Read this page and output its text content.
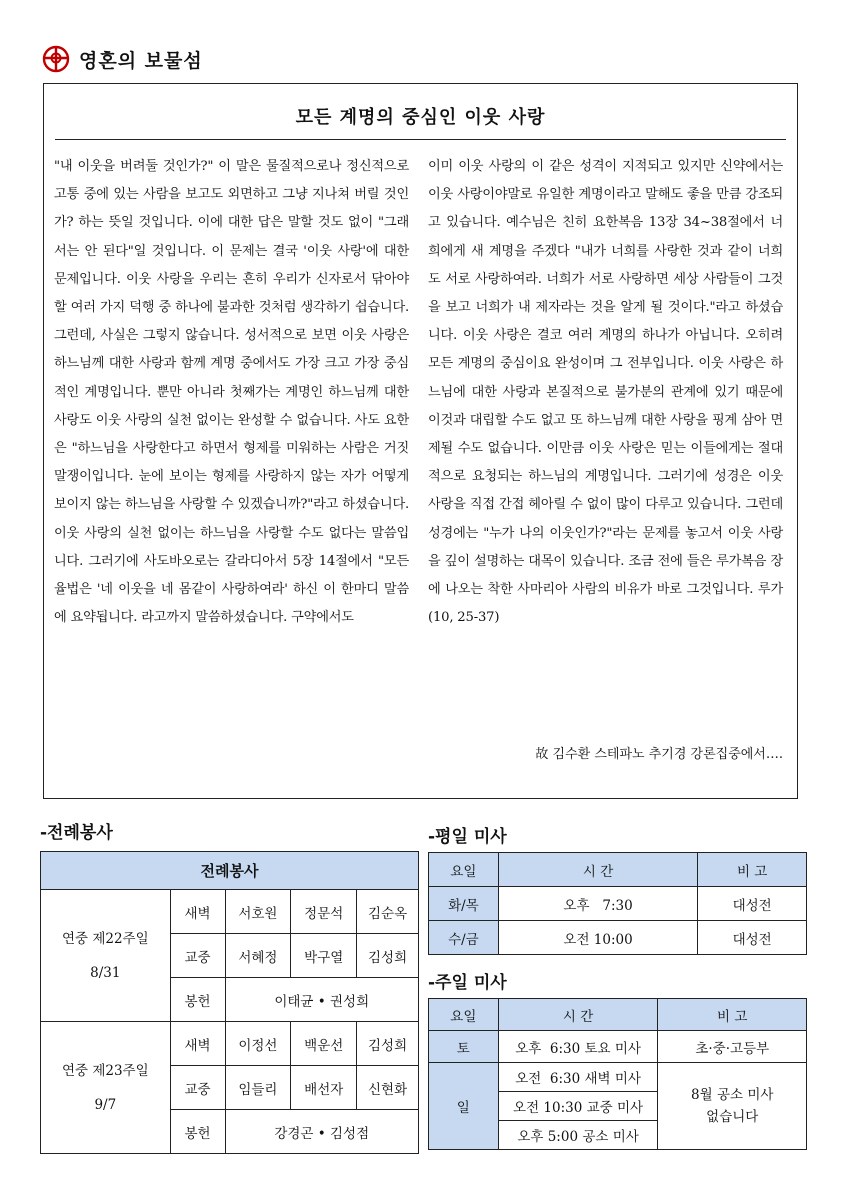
영혼의 보물섬
모든 계명의 중심인 이웃 사랑
"내 이웃을 버려둘 것인가?" 이 말은 물질적으로나 정신적으로 고통 중에 있는 사람을 보고도 외면하고 그냥 지나쳐 버릴 것인가? 하는 뜻일 것입니다. 이에 대한 답은 말할 것도 없이 "그래서는 안 된다"일 것입니다. 이 문제는 결국 '이웃 사랑'에 대한 문제입니다. 이웃 사랑을 우리는 흔히 우리가 신자로서 닦아야 할 여러 가지 덕행 중 하나에 불과한 것처럼 생각하기 쉽습니다. 그런데, 사실은 그렇지 않습니다. 성서적으로 보면 이웃 사랑은 하느님께 대한 사랑과 함께 계명 중에서도 가장 크고 가장 중심적인 계명입니다. 뿐만 아니라 첫째가는 계명인 하느님께 대한 사랑도 이웃 사랑의 실천 없이는 완성할 수 없습니다. 사도 요한은 "하느님을 사랑한다고 하면서 형제를 미워하는 사람은 거짓말쟁이입니다. 눈에 보이는 형제를 사랑하지 않는 자가 어떻게 보이지 않는 하느님을 사랑할 수 있겠습니까?"라고 하셨습니다. 이웃 사랑의 실천 없이는 하느님을 사랑할 수도 없다는 말씀입니다. 그러기에 사도바오로는 갈라디아서 5장 14절에서 "모든 율법은 '네 이웃을 네 몸같이 사랑하여라' 하신 이 한마디 말씀에 요약됩니다. 라고까지 말씀하셨습니다. 구약에서도
이미 이웃 사랑의 이 같은 성격이 지적되고 있지만 신약에서는 이웃 사랑이야말로 유일한 계명이라고 말해도 좋을 만큼 강조되고 있습니다. 예수님은 친히 요한복음 13장 34~38절에서 너희에게 새 계명을 주겠다 "내가 너희를 사랑한 것과 같이 너희도 서로 사랑하여라. 너희가 서로 사랑하면 세상 사람들이 그것을 보고 너희가 내 제자라는 것을 알게 될 것이다."라고 하셨습니다. 이웃 사랑은 결코 여러 계명의 하나가 아닙니다. 오히려 모든 계명의 중심이요 완성이며 그 전부입니다. 이웃 사랑은 하느님에 대한 사랑과 본질적으로 불가분의 관계에 있기 때문에 이것과 대립할 수도 없고 또 하느님께 대한 사랑을 핑계 삼아 면제될 수도 없습니다. 이만큼 이웃 사랑은 믿는 이들에게는 절대적으로 요청되는 하느님의 계명입니다. 그러기에 성경은 이웃 사랑을 직접 간접 헤아릴 수 없이 많이 다루고 있습니다. 그런데 성경에는 "누가 나의 이웃인가?"라는 문제를 놓고서 이웃 사랑을 깊이 설명하는 대목이 있습니다. 조금 전에 들은 루가복음 장에 나오는 착한 사마리아 사람의 비유가 바로 그것입니다. 루가(10, 25-37)
故 김수환 스테파노 추기경 강론집중에서….
-전례봉사	-평일 미사
-주일 미사
전례봉사				

연중 제22주일
8/31	새벽	서호원	정문석	김순옥
	교중	서혜정	박구열	김성희
	봉헌	이태균 • 권성희		

연중 제23주일
9/7	새벽	이정선	백운선	김성희
	교중	임들리	배선자	신현화
	봉헌	강경곤 • 김성점		
요일	시 간	비 고
화/목	오후   7:30	대성전
수/금	오전 10:00	대성전
요일	시 간	비 고
토	오후  6:30 토요 미사	초·중·고등부
일	오전  6:30 새벽 미사	8월 공소 미사 없습니다
	오전 10:30 교중 미사	
	오후 5:00 공소 미사	
